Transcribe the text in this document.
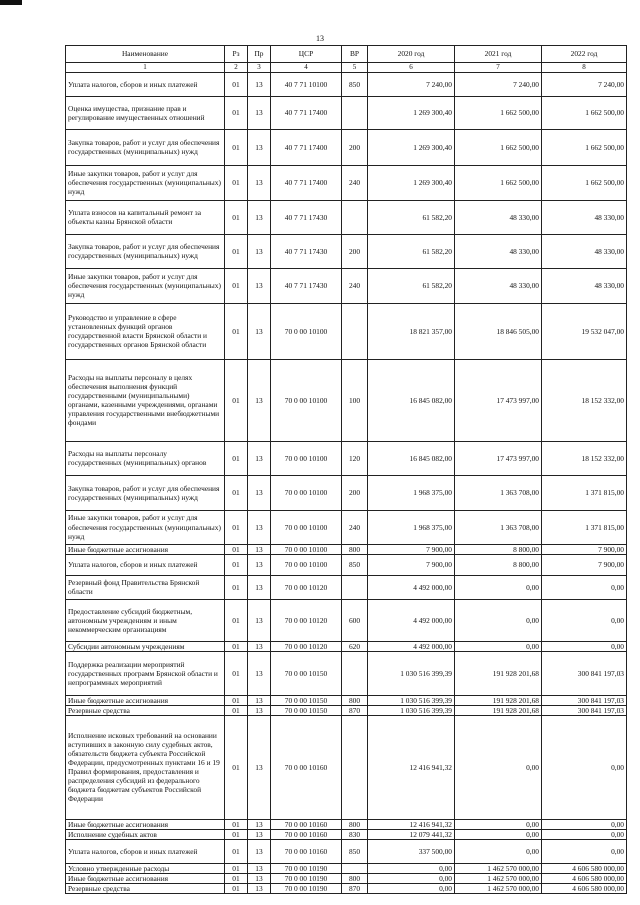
13
Наименование	Рз	Пр	ЦСР	ВР	2020 год	2021 год	2022 год
1	2	3	4	5	6	7	8
Уплата налогов, сборов и иных платежей	01	13	40 7 71 10100	850	7 240,00	7 240,00	7 240,00
Оценка имущества, признание прав и регулирование имущественных отношений	01	13	40 7 71 17400		1 269 300,40	1 662 500,00	1 662 500,00
Закупка товаров, работ и услуг для обеспечения государственных (муниципальных) нужд	01	13	40 7 71 17400	200	1 269 300,40	1 662 500,00	1 662 500,00
Иные закупки товаров, работ и услуг для обеспечения государственных (муниципальных) нужд	01	13	40 7 71 17400	240	1 269 300,40	1 662 500,00	1 662 500,00
Уплата взносов на капитальный ремонт за объекты казны Брянской области	01	13	40 7 71 17430		61 582,20	48 330,00	48 330,00
Закупка товаров, работ и услуг для обеспечения государственных (муниципальных) нужд	01	13	40 7 71 17430	200	61 582,20	48 330,00	48 330,00
Иные закупки товаров, работ и услуг для обеспечения государственных (муниципальных) нужд	01	13	40 7 71 17430	240	61 582,20	48 330,00	48 330,00
Руководство и управление в сфере установленных функций органов государственной власти Брянской области и государственных органов Брянской области	01	13	70 0 00 10100		18 821 357,00	18 846 505,00	19 532 047,00
Расходы на выплаты персоналу в целях обеспечения выполнения функций государственными (муниципальными) органами, казенными учреждениями, органами управления государственными внебюджетными фондами	01	13	70 0 00 10100	100	16 845 082,00	17 473 997,00	18 152 332,00
Расходы на выплаты персоналу государственных (муниципальных) органов	01	13	70 0 00 10100	120	16 845 082,00	17 473 997,00	18 152 332,00
Закупка товаров, работ и услуг для обеспечения государственных (муниципальных) нужд	01	13	70 0 00 10100	200	1 968 375,00	1 363 708,00	1 371 815,00
Иные закупки товаров, работ и услуг для обеспечения государственных (муниципальных) нужд	01	13	70 0 00 10100	240	1 968 375,00	1 363 708,00	1 371 815,00
Иные бюджетные ассигнования	01	13	70 0 00 10100	800	7 900,00	8 800,00	7 900,00
Уплата налогов, сборов и иных платежей	01	13	70 0 00 10100	850	7 900,00	8 800,00	7 900,00
Резервный фонд Правительства Брянской области	01	13	70 0 00 10120		4 492 000,00	0,00	0,00
Предоставление субсидий бюджетным, автономным учреждениям и иным некоммерческим организациям	01	13	70 0 00 10120	600	4 492 000,00	0,00	0,00
Субсидии автономным учреждениям	01	13	70 0 00 10120	620	4 492 000,00	0,00	0,00
Поддержка реализации мероприятий государственных программ Брянской области и непрограммных мероприятий	01	13	70 0 00 10150		1 030 516 399,39	191 928 201,68	300 841 197,03
Иные бюджетные ассигнования	01	13	70 0 00 10150	800	1 030 516 399,39	191 928 201,68	300 841 197,03
Резервные средства	01	13	70 0 00 10150	870	1 030 516 399,39	191 928 201,68	300 841 197,03
Исполнение исковых требований на основании вступивших в законную силу судебных актов, обязательств бюджета субъекта Российской Федерации, предусмотренных пунктами 16 и 19 Правил формирования, предоставления и распределения субсидий из федерального бюджета бюджетам субъектов Российской Федерации	01	13	70 0 00 10160		12 416 941,32	0,00	0,00
Иные бюджетные ассигнования	01	13	70 0 00 10160	800	12 416 941,32	0,00	0,00
Исполнение судебных актов	01	13	70 0 00 10160	830	12 079 441,32	0,00	0,00
Уплата налогов, сборов и иных платежей	01	13	70 0 00 10160	850	337 500,00	0,00	0,00
Условно утвержденные расходы	01	13	70 0 00 10190		0,00	1 462 570 000,00	4 606 580 000,00
Иные бюджетные ассигнования	01	13	70 0 00 10190	800	0,00	1 462 570 000,00	4 606 580 000,00
Резервные средства	01	13	70 0 00 10190	870	0,00	1 462 570 000,00	4 606 580 000,00
